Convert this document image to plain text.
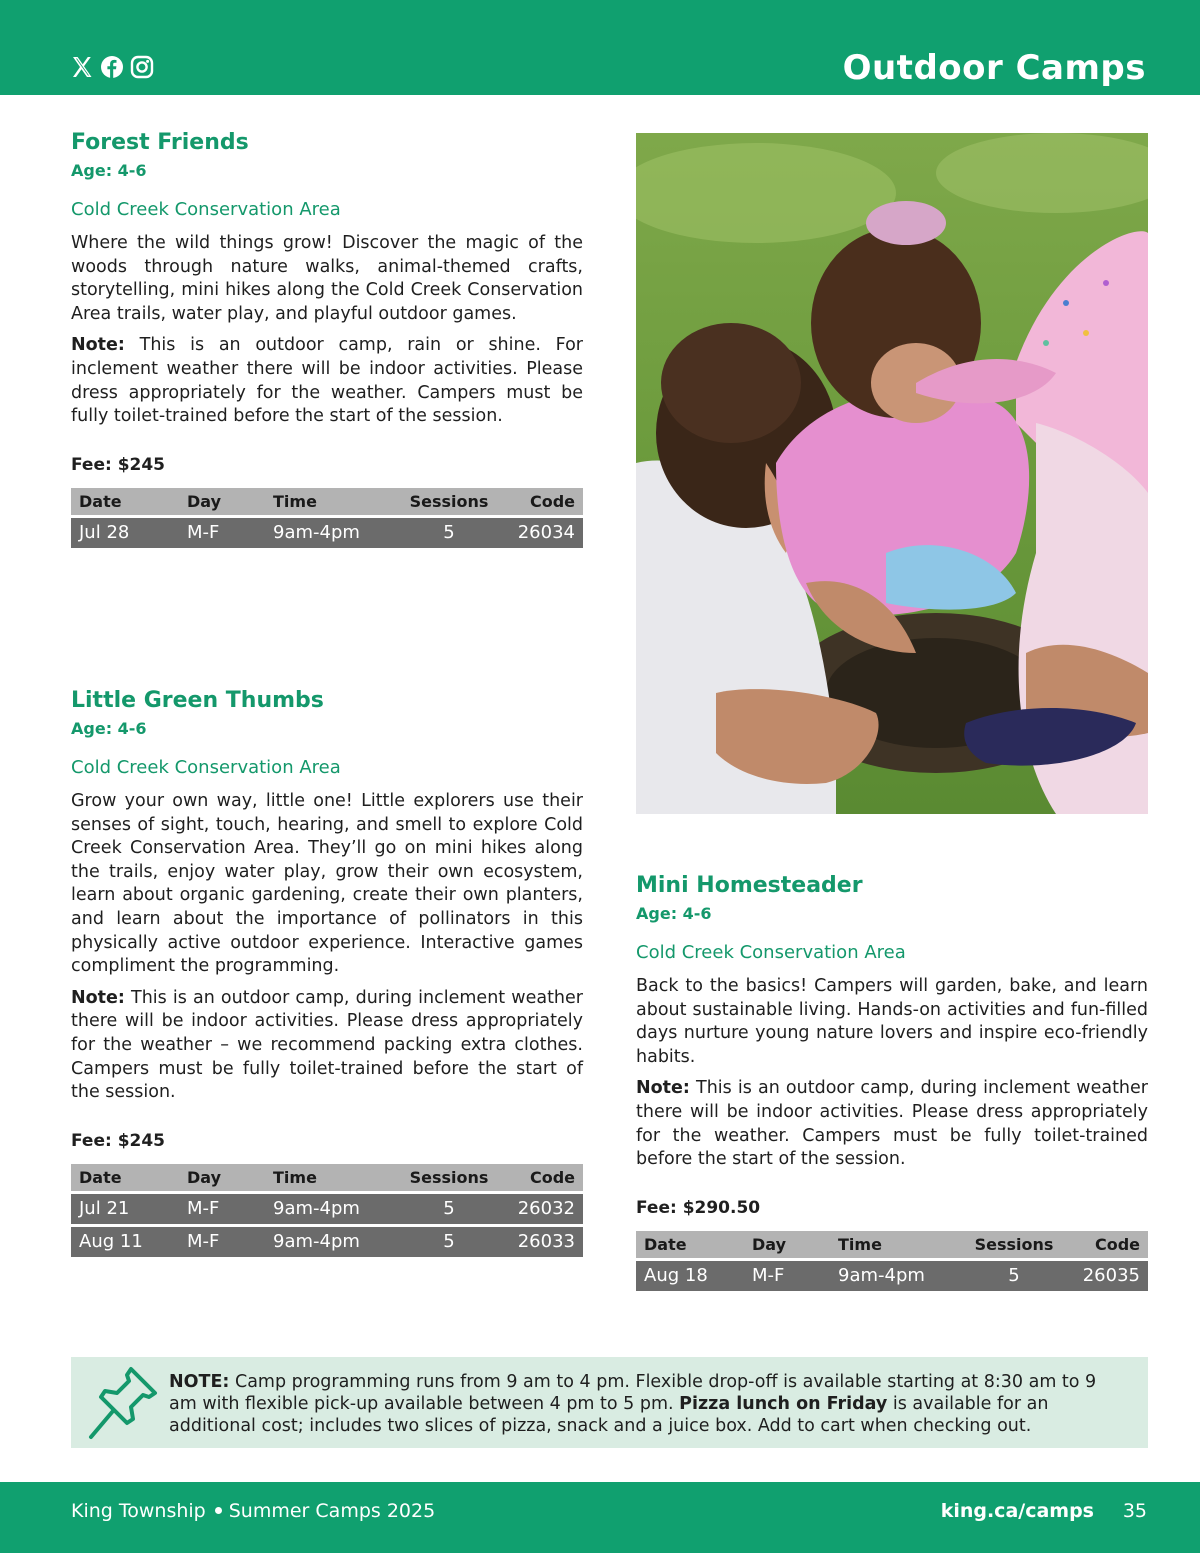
Outdoor Camps
Forest Friends
Age: 4-6
Cold Creek Conservation Area

Where the wild things grow! Discover the magic of the woods through nature walks, animal-themed crafts, storytelling, mini hikes along the Cold Creek Conservation Area trails, water play, and playful outdoor games.

Note: This is an outdoor camp, rain or shine. For inclement weather there will be indoor activities. Please dress appropriately for the weather. Campers must be fully toilet-trained before the start of the session.

Fee: $245
Date	Day	Time	Sessions	Code
Jul 28	M-F	9am-4pm	5	26034
Little Green Thumbs
Age: 4-6
Cold Creek Conservation Area

Grow your own way, little one! Little explorers use their senses of sight, touch, hearing, and smell to explore Cold Creek Conservation Area. They’ll go on mini hikes along the trails, enjoy water play, grow their own ecosystem, learn about organic gardening, create their own planters, and learn about the importance of pollinators in this physically active outdoor experience. Interactive games compliment the programming.

Note: This is an outdoor camp, during inclement weather there will be indoor activities. Please dress appropriately for the weather – we recommend packing extra clothes. Campers must be fully toilet-trained before the start of the session.

Fee: $245
Date	Day	Time	Sessions	Code
Jul 21	M-F	9am-4pm	5	26032
Aug 11	M-F	9am-4pm	5	26033
Mini Homesteader
Age: 4-6
Cold Creek Conservation Area

Back to the basics! Campers will garden, bake, and learn about sustainable living. Hands-on activities and fun-filled days nurture young nature lovers and inspire eco-friendly habits.

Note: This is an outdoor camp, during inclement weather there will be indoor activities. Please dress appropriately for the weather. Campers must be fully toilet-trained before the start of the session.

Fee: $290.50
Date	Day	Time	Sessions	Code
Aug 18	M-F	9am-4pm	5	26035
NOTE: Camp programming runs from 9 am to 4 pm. Flexible drop-off is available starting at 8:30 am to 9 am with flexible pick-up available between 4 pm to 5 pm. Pizza lunch on Friday is available for an additional cost; includes two slices of pizza, snack and a juice box. Add to cart when checking out.
King Township Summer Camps 2025	king.ca/camps 35
